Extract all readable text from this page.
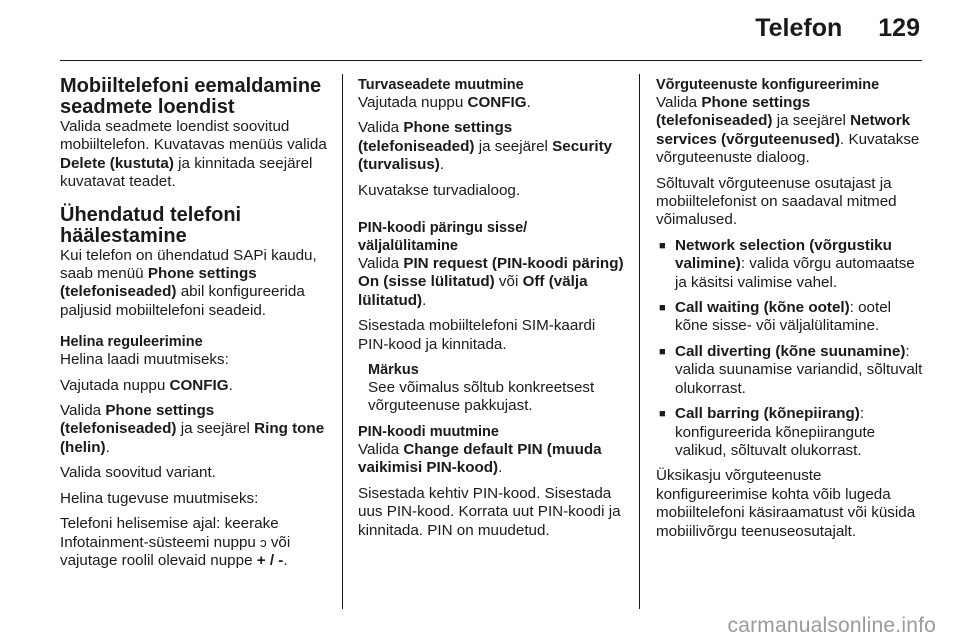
Telefon 129
Mobiiltelefoni eemaldamine seadmete loendist

Valida seadmete loendist soovitud mobiiltelefon. Kuvatavas menüüs valida Delete (kustuta) ja kinnitada seejärel kuvatavat teadet.

Ühendatud telefoni häälestamine

Kui telefon on ühendatud SAPi kaudu, saab menüü Phone settings (telefoniseaded) abil konfigureerida paljusid mobiiltelefoni seadeid.

Helina reguleerimine

Helina laadi muutmiseks:

Vajutada nuppu CONFIG.

Valida Phone settings (telefoniseaded) ja seejärel Ring tone (helin).

Valida soovitud variant.

Helina tugevuse muutmiseks:

Telefoni helisemise ajal: keerake Infotainment-süsteemi nuppu ↄ või vajutage roolil olevaid nuppe + / -.

Turvaseadete muutmine

Vajutada nuppu CONFIG.

Valida Phone settings (telefoniseaded) ja seejärel Security (turvalisus).

Kuvatakse turvadialoog.

PIN-koodi päringu sisse/ väljalülitamine

Valida PIN request (PIN-koodi päring) On (sisse lülitatud) või Off (välja lülitatud).

Sisestada mobiiltelefoni SIM-kaardi PIN-kood ja kinnitada.

Märkus
See võimalus sõltub konkreetsest võrguteenuse pakkujast.
PIN-koodi muutmine

Valida Change default PIN (muuda vaikimisi PIN-kood).

Sisestada kehtiv PIN-kood. Sisestada uus PIN-kood. Korrata uut PIN-koodi ja kinnitada. PIN on muudetud.

Võrguteenuste konfigureerimine

Valida Phone settings (telefoniseaded) ja seejärel Network services (võrguteenused). Kuvatakse võrguteenuste dialoog.

Sõltuvalt võrguteenuse osutajast ja mobiiltelefonist on saadaval mitmed võimalused.

■ Network selection (võrgustiku valimine): valida võrgu automaatse ja käsitsi valimise vahel.
■ Call waiting (kõne ootel): ootel kõne sisse- või väljalülitamine.
■ Call diverting (kõne suunamine): valida suunamise variandid, sõltuvalt olukorrast.
■ Call barring (kõnepiirang): konfigureerida kõnepiirangute valikud, sõltuvalt olukorrast.

Üksikasju võrguteenuste konfigureerimise kohta võib lugeda mobiiltelefoni käsiraamatust või küsida mobiilivõrgu teenuseosutajalt.

carmanualsonline.info
